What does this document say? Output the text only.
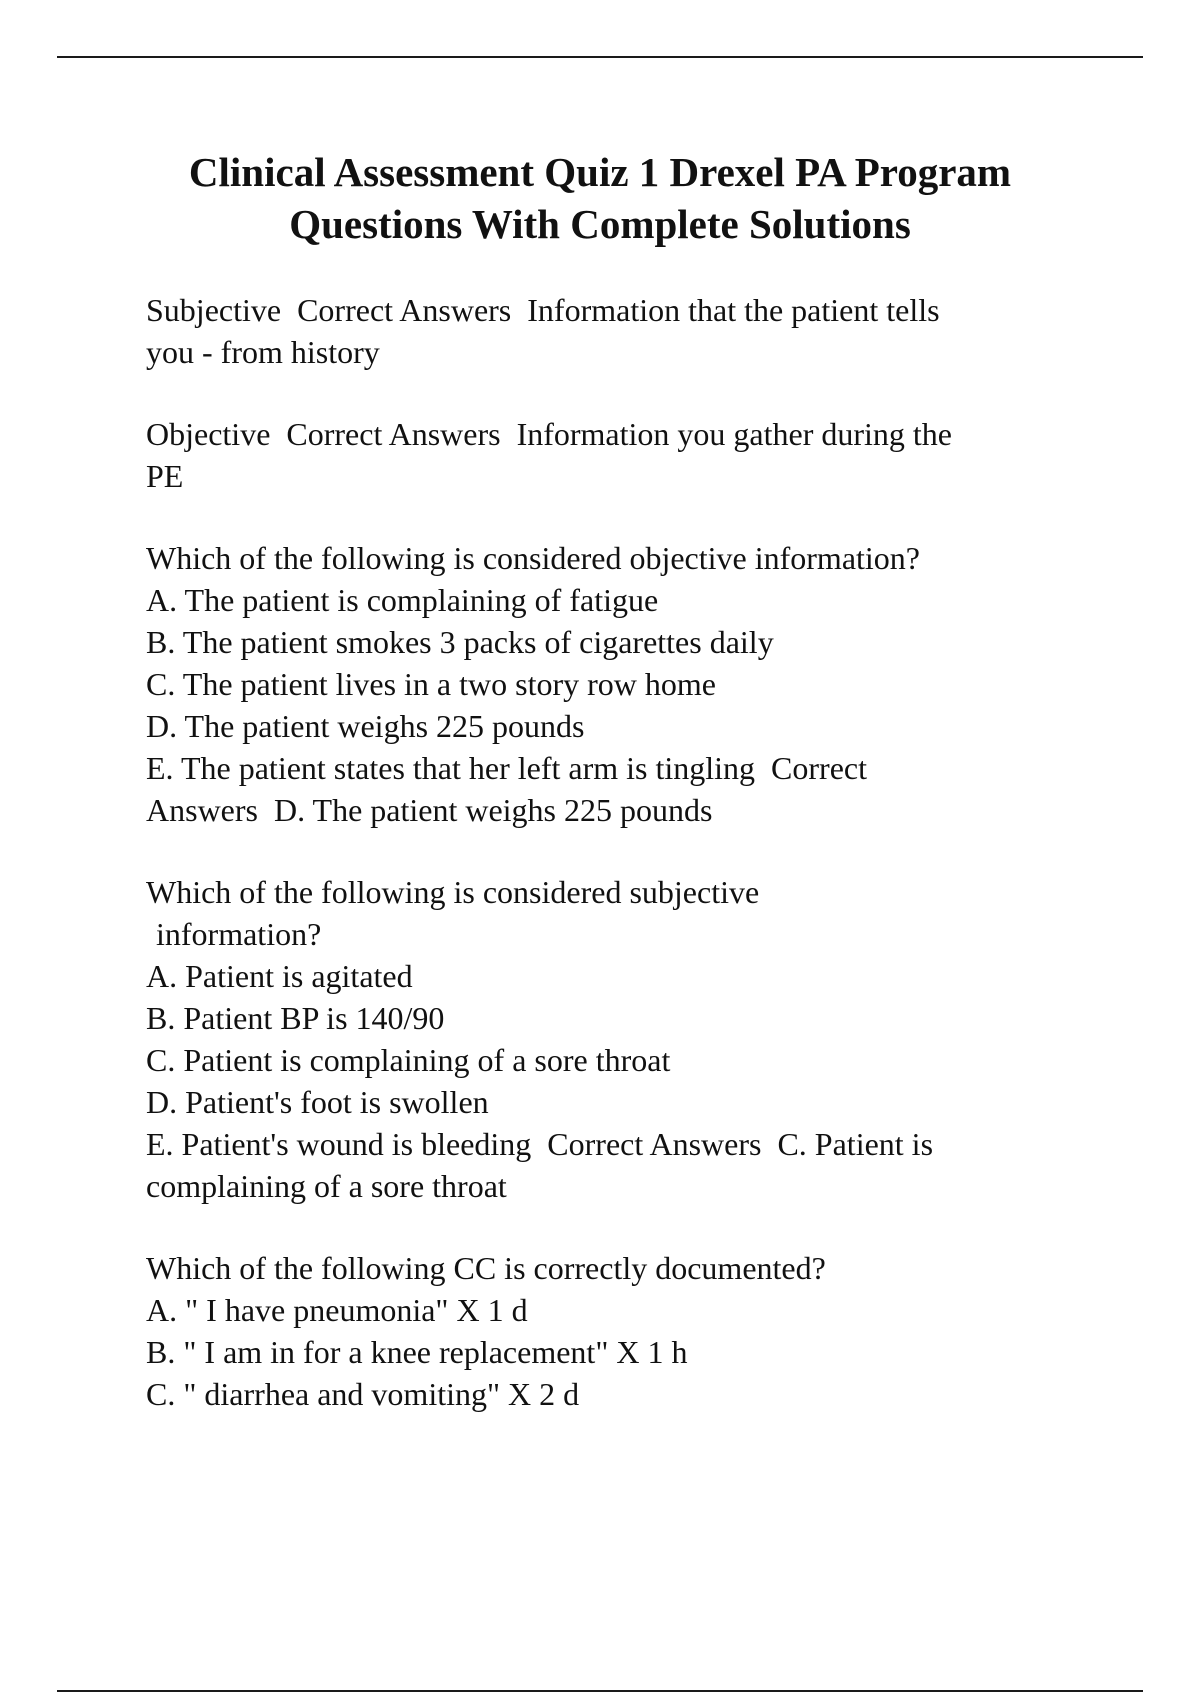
Clinical Assessment Quiz 1 Drexel PA Program
Questions With Complete Solutions
Subjective  Correct Answers  Information that the patient tells
you - from history
Objective  Correct Answers  Information you gather during the
PE
Which of the following is considered objective information?
A. The patient is complaining of fatigue
B. The patient smokes 3 packs of cigarettes daily
C. The patient lives in a two story row home
D. The patient weighs 225 pounds
E. The patient states that her left arm is tingling  Correct
Answers  D. The patient weighs 225 pounds
Which of the following is considered subjective
information?
A. Patient is agitated
B. Patient BP is 140/90
C. Patient is complaining of a sore throat
D. Patient's foot is swollen
E. Patient's wound is bleeding  Correct Answers  C. Patient is
complaining of a sore throat
Which of the following CC is correctly documented?
A. " I have pneumonia" X 1 d
B. " I am in for a knee replacement" X 1 h
C. " diarrhea and vomiting" X 2 d
